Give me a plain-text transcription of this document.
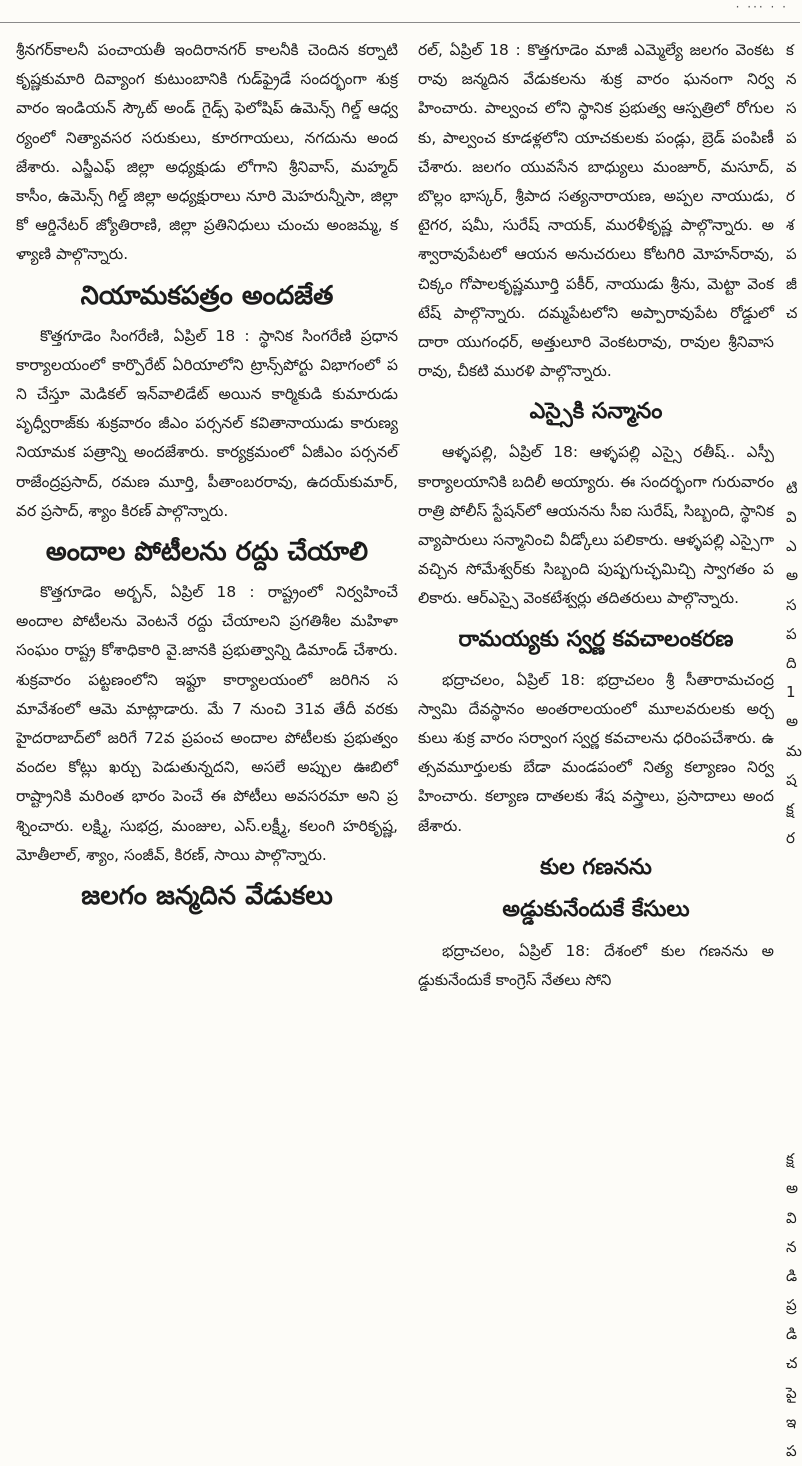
· ··· · ·

శ్రీనగర్‌కాలనీ పంచాయతీ ఇందిరానగర్ కాలనీకి చెందిన కర్నాటి కృష్ణకుమారి దివ్యాంగ కుటుంబానికి గుడ్‌ఫ్రైడే సందర్భంగా శుక్రవారం ఇండియన్ స్కౌట్ అండ్ గైడ్స్ ఫెలోషిప్ ఉమెన్స్ గిల్డ్ ఆధ్వర్యంలో నిత్యావసర సరుకులు, కూరగాయలు, నగదును అందజేశారు. ఎస్జీఎఫ్ జిల్లా అధ్యక్షుడు లోగాని శ్రీనివాస్, మహ్మద్ కాసీం, ఉమెన్స్ గిల్డ్ జిల్లా అధ్యక్షురాలు నూరి మెహరున్నీసా, జిల్లా కో ఆర్డినేటర్ జ్యోతిరాణి, జిల్లా ప్రతినిధులు చుంచు అంజమ్మ, కళ్యాణి పాల్గొన్నారు.

నియామకపత్రం అందజేత

కొత్తగూడెం సింగరేణి, ఏప్రిల్ 18 : స్థానిక సింగరేణి ప్రధాన కార్యాలయంలో కార్పొరేట్ ఏరియాలోని ట్రాన్స్‌పోర్టు విభాగంలో పని చేస్తూ మెడికల్ ఇన్‌వాలిడేట్ అయిన కార్మికుడి కుమారుడు పృధ్వీరాజ్‌కు శుక్రవారం జీఎం పర్సనల్ కవితానాయుడు కారుణ్య నియామక పత్రాన్ని అందజేశారు. కార్యక్రమంలో ఏజీఎం పర్సనల్ రాజేంద్రప్రసాద్, రమణ మూర్తి, పీతాంబరరావు, ఉదయ్‌కుమార్, వర ప్రసాద్, శ్యాం కిరణ్ పాల్గొన్నారు.

అందాల పోటీలను రద్దు చేయాలి

కొత్తగూడెం అర్బన్, ఏప్రిల్ 18 : రాష్ట్రంలో నిర్వహించే అందాల పోటీలను వెంటనే రద్దు చేయాలని ప్రగతిశీల మహిళా సంఘం రాష్ట్ర కోశాధికారి వై.జానకి ప్రభుత్వాన్ని డిమాండ్ చేశారు. శుక్రవారం పట్టణంలోని ఇఫ్టూ కార్యాలయంలో జరిగిన సమావేశంలో ఆమె మాట్లాడారు. మే 7 నుంచి 31వ తేదీ వరకు హైదరాబాద్‌లో జరిగే 72వ ప్రపంచ అందాల పోటీలకు ప్రభుత్వం వందల కోట్లు ఖర్చు పెడుతున్నదని, అసలే అప్పుల ఊబిలో రాష్ట్రానికి మరింత భారం పెంచే ఈ పోటీలు అవసరమా అని ప్రశ్నించారు. లక్ష్మి, సుభద్ర, మంజుల, ఎస్.లక్ష్మీ, కలంగి హరికృష్ణ, మోతీలాల్, శ్యాం, సంజీవ్, కిరణ్, సాయి పాల్గొన్నారు.

జలగం జన్మదిన వేడుకలు

రల్, ఏప్రిల్ 18 : కొత్తగూడెం మాజీ ఎమ్మెల్యే జలగం వెంకటరావు జన్మదిన వేడుకలను శుక్ర వారం ఘనంగా నిర్వహించారు. పాల్వంచ లోని స్థానిక ప్రభుత్వ ఆస్పత్రిలో రోగులకు, పాల్వంచ కూడళ్లలోని యాచకులకు పండ్లు, బ్రెడ్ పంపిణీ చేశారు. జలగం యువసేన బాధ్యులు మంజూర్, మసూద్, బొల్లం భాస్కర్, శ్రీపాద సత్యనారాయణ, అప్పల నాయుడు, టైగర, షమీ, సురేష్ నాయక్, మురళీకృష్ణ పాల్గొన్నారు. అశ్వారావుపేటలో ఆయన అనుచరులు కోటగిరి మోహన్‌రావు, చిక్కం గోపాలకృష్ణమూర్తి పకీర్, నాయుడు శ్రీను, మెట్టా వెంకటేష్ పాల్గొన్నారు. దమ్మపేటలోని అప్పారావుపేట రోడ్డులో దారా యుగంధర్, అత్తులూరి వెంకటరావు, రావుల శ్రీనివాసరావు, చీకటి మురళి పాల్గొన్నారు.

ఎస్సైకి సన్మానం

ఆళ్ళపల్లి, ఏప్రిల్ 18: ఆళ్ళపల్లి ఎస్సై రతీష్.. ఎస్పీ కార్యాలయానికి బదిలీ అయ్యారు. ఈ సందర్భంగా గురువారం రాత్రి పోలీస్ స్టేషన్‌లో ఆయనను సీఐ సురేష్, సిబ్బంది, స్థానిక వ్యాపారులు సన్మానించి వీడ్కోలు పలికారు. ఆళ్ళపల్లి ఎస్సైగా వచ్చిన సోమేశ్వర్‌కు సిబ్బంది పుష్పగుచ్ఛమిచ్చి స్వాగతం పలికారు. ఆర్ఎస్సై వెంకటేశ్వర్లు తదితరులు పాల్గొన్నారు.

రామయ్యకు స్వర్ణ కవచాలంకరణ

భద్రాచలం, ఏప్రిల్ 18: భద్రాచలం శ్రీ సీతారామచంద్రస్వామి దేవస్థానం అంతరాలయంలో మూలవరులకు అర్చకులు శుక్ర వారం సర్వాంగ స్వర్ణ కవచాలను ధరింపచేశారు. ఉత్సవమూర్తులకు బేడా మండపంలో నిత్య కల్యాణం నిర్వహించారు. కల్యాణ దాతలకు శేష వస్త్రాలు, ప్రసాదాలు అందజేశారు.

కుల గణనను
అడ్డుకునేందుకే కేసులు

భద్రాచలం, ఏప్రిల్ 18: దేశంలో కుల గణనను అడ్డుకునేందుకే కాంగ్రెస్ నేతలు సోని

క
న
స
ప
వ
ర
శ
ప
జీ
చ
టి
వి
ఎ
అ
స
ప
ది
1
అ
మ
ష
క్ష
ర
క్ష
అ
వి
న
డి
ప్ర
డి
చ
పై
ఇ
ప
